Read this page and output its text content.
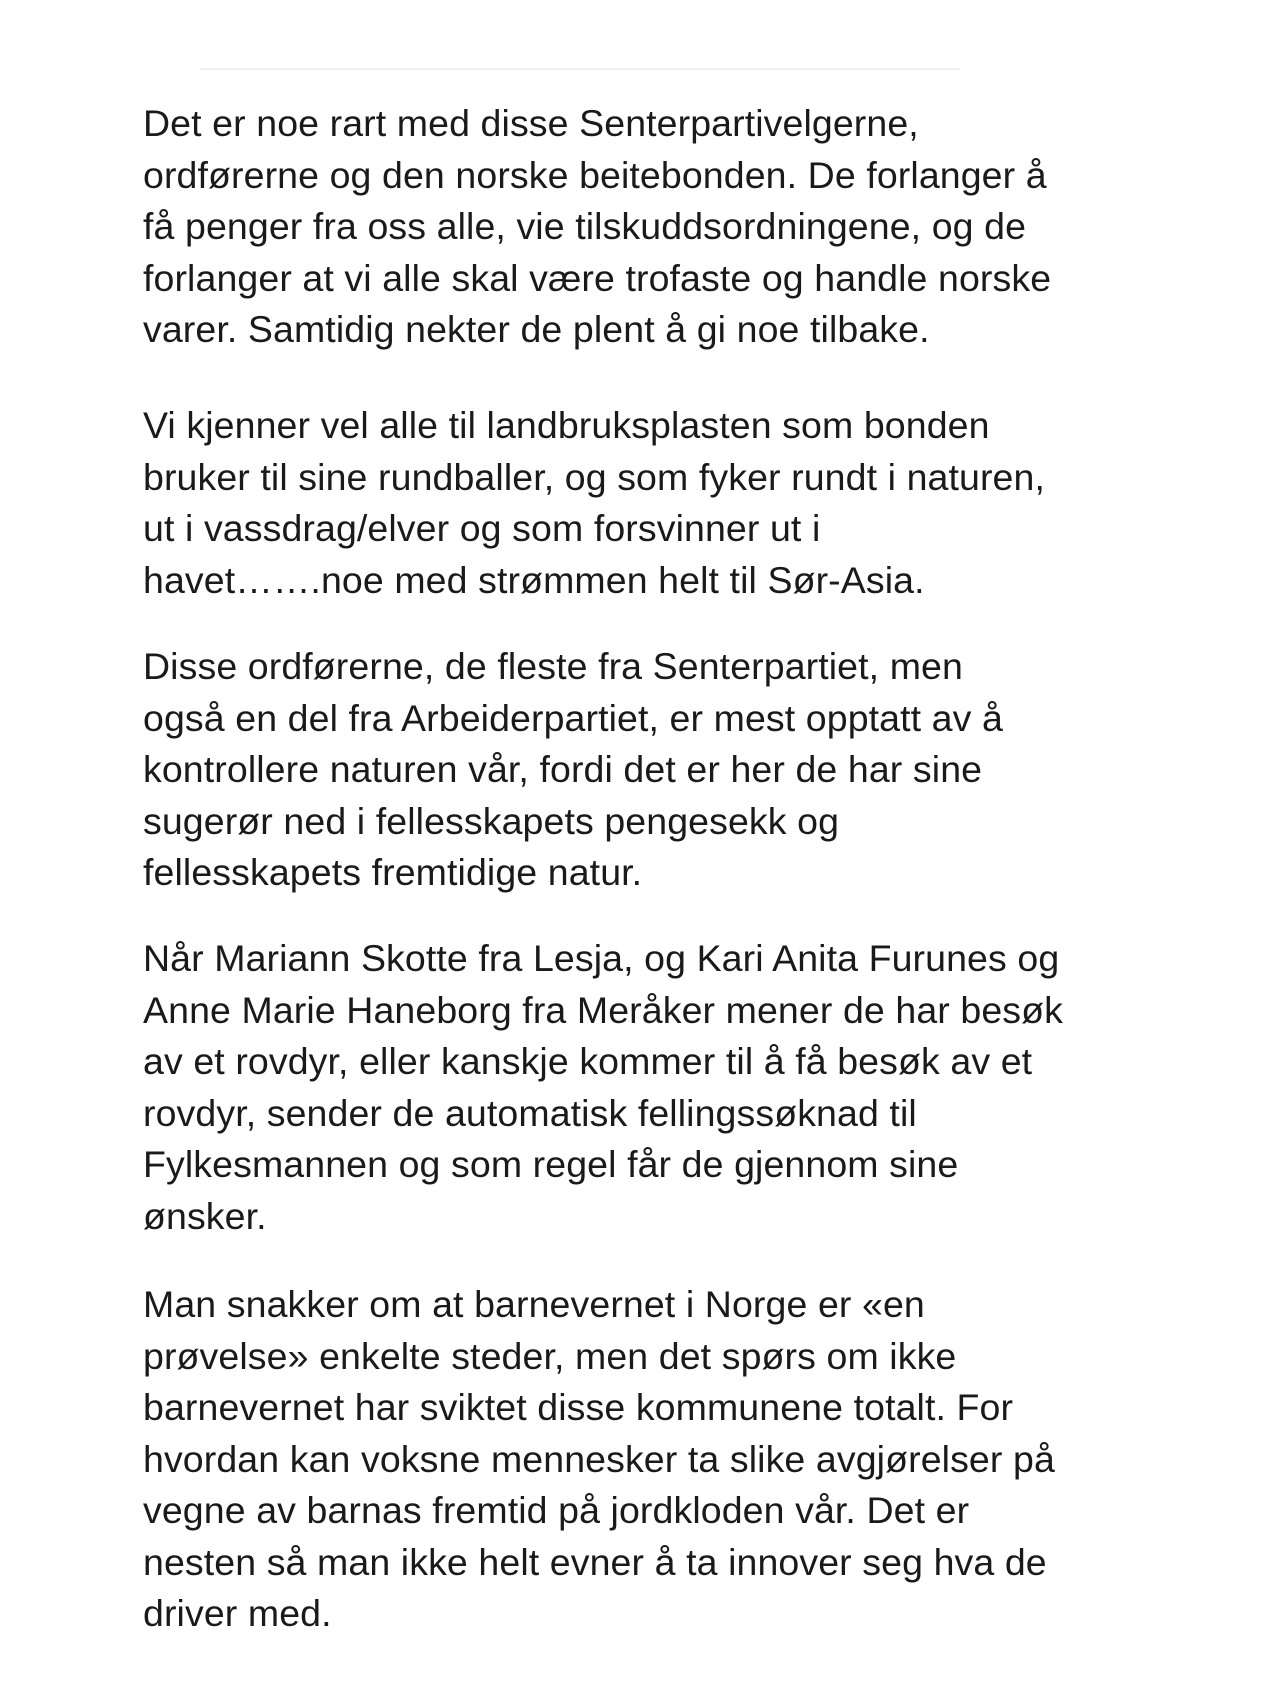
Det er noe rart med disse Senterpartivelgerne,
ordførerne og den norske beitebonden. De forlanger å
få penger fra oss alle, vie tilskuddsordningene, og de
forlanger at vi alle skal være trofaste og handle norske
varer. Samtidig nekter de plent å gi noe tilbake.

Vi kjenner vel alle til landbruksplasten som bonden
bruker til sine rundballer, og som fyker rundt i naturen,
ut i vassdrag/elver og som forsvinner ut i
havet…….noe med strømmen helt til Sør-Asia.

Disse ordførerne, de fleste fra Senterpartiet, men
også en del fra Arbeiderpartiet, er mest opptatt av å
kontrollere naturen vår, fordi det er her de har sine
sugerør ned i fellesskapets pengesekk og
fellesskapets fremtidige natur.

Når Mariann Skotte fra Lesja, og Kari Anita Furunes og
Anne Marie Haneborg fra Meråker mener de har besøk
av et rovdyr, eller kanskje kommer til å få besøk av et
rovdyr, sender de automatisk fellingssøknad til
Fylkesmannen og som regel får de gjennom sine
ønsker.

Man snakker om at barnevernet i Norge er «en
prøvelse» enkelte steder, men det spørs om ikke
barnevernet har sviktet disse kommunene totalt. For
hvordan kan voksne mennesker ta slike avgjørelser på
vegne av barnas fremtid på jordkloden vår. Det er
nesten så man ikke helt evner å ta innover seg hva de
driver med.
